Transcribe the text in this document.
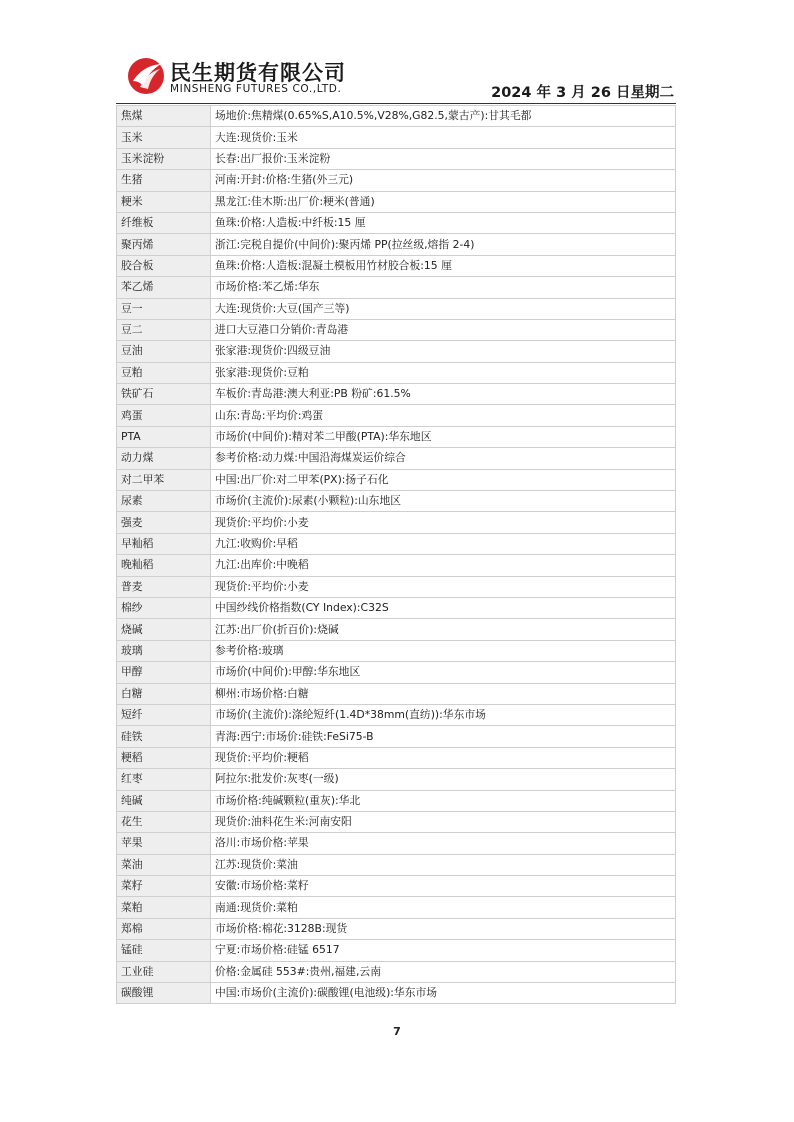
民生期货有限公司
MINSHENG FUTURES CO.,LTD.	2024 年 3 月 26 日星期二
焦煤	场地价:焦精煤(0.65%S,A10.5%,V28%,G82.5,蒙古产):甘其毛都
玉米	大连:现货价:玉米
玉米淀粉	长春:出厂报价:玉米淀粉
生猪	河南:开封:价格:生猪(外三元)
粳米	黑龙江:佳木斯:出厂价:粳米(普通)
纤维板	鱼珠:价格:人造板:中纤板:15 厘
聚丙烯	浙江:完税自提价(中间价):聚丙烯 PP(拉丝级,熔指 2-4)
胶合板	鱼珠:价格:人造板:混凝土模板用竹材胶合板:15 厘
苯乙烯	市场价格:苯乙烯:华东
豆一	大连:现货价:大豆(国产三等)
豆二	进口大豆港口分销价:青岛港
豆油	张家港:现货价:四级豆油
豆粕	张家港:现货价:豆粕
铁矿石	车板价:青岛港:澳大利亚:PB 粉矿:61.5%
鸡蛋	山东:青岛:平均价:鸡蛋
PTA	市场价(中间价):精对苯二甲酸(PTA):华东地区
动力煤	参考价格:动力煤:中国沿海煤炭运价综合
对二甲苯	中国:出厂价:对二甲苯(PX):扬子石化
尿素	市场价(主流价):尿素(小颗粒):山东地区
强麦	现货价:平均价:小麦
早籼稻	九江:收购价:早稻
晚籼稻	九江:出库价:中晚稻
普麦	现货价:平均价:小麦
棉纱	中国纱线价格指数(CY Index):C32S
烧碱	江苏:出厂价(折百价):烧碱
玻璃	参考价格:玻璃
甲醇	市场价(中间价):甲醇:华东地区
白糖	柳州:市场价格:白糖
短纤	市场价(主流价):涤纶短纤(1.4D*38mm(直纺)):华东市场
硅铁	青海:西宁:市场价:硅铁:FeSi75-B
粳稻	现货价:平均价:粳稻
红枣	阿拉尔:批发价:灰枣(一级)
纯碱	市场价格:纯碱颗粒(重灰):华北
花生	现货价:油料花生米:河南安阳
苹果	洛川:市场价格:苹果
菜油	江苏:现货价:菜油
菜籽	安徽:市场价格:菜籽
菜粕	南通:现货价:菜粕
郑棉	市场价格:棉花:3128B:现货
锰硅	宁夏:市场价格:硅锰 6517
工业硅	价格:金属硅 553#:贵州,福建,云南
碳酸锂	中国:市场价(主流价):碳酸锂(电池级):华东市场
7
